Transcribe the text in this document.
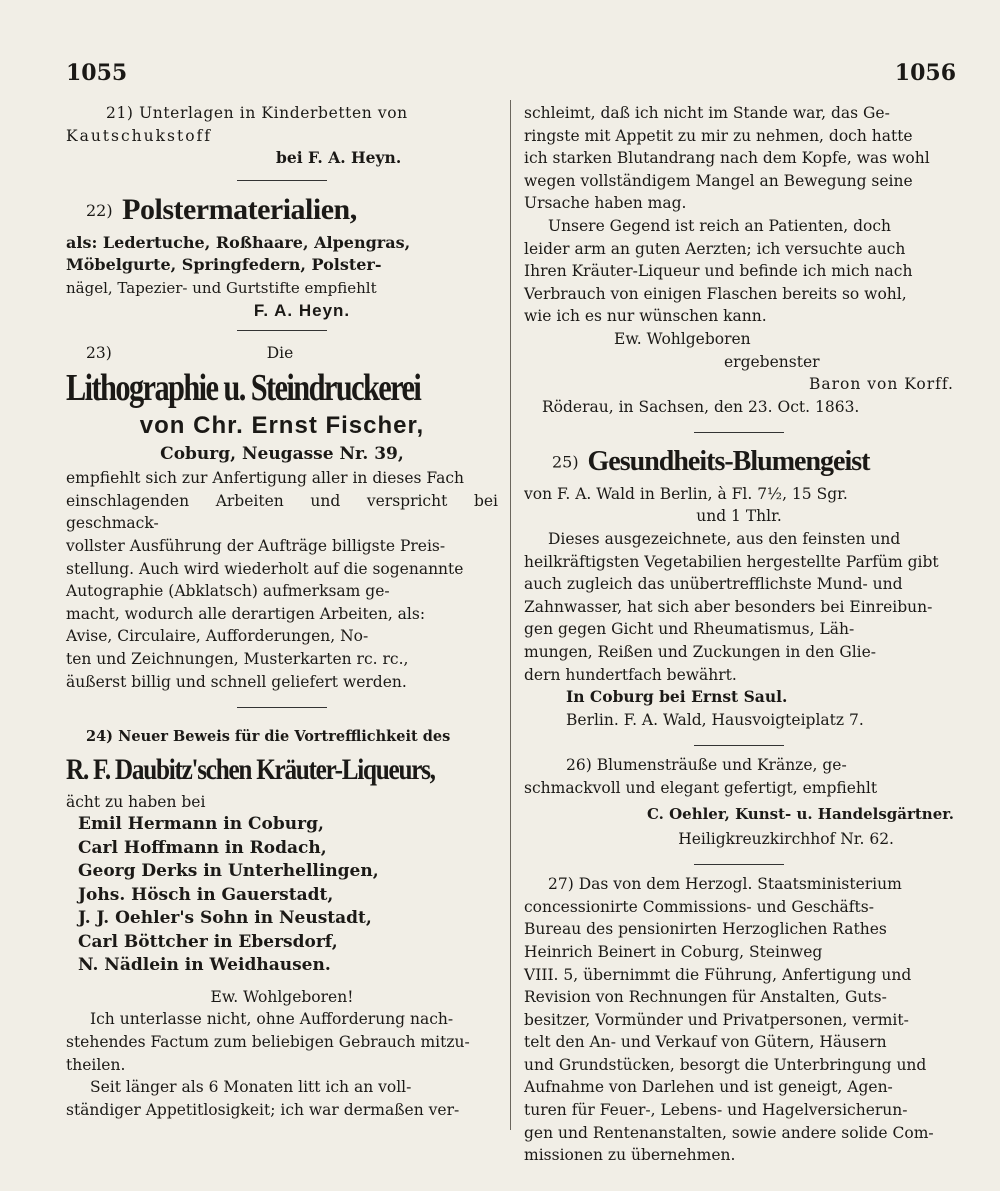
1055	1056

21) Unterlagen in Kinderbetten von

Kautschukstoff

bei F. A. Heyn.

22) Polstermaterialien,

als: Ledertuche, Roßhaare, Alpengras,

Möbelgurte, Springfedern, Polster-

nägel, Tapezier- und Gurtstifte empfiehlt

F. A. Heyn.

23)	Die

Lithographie u. Steindruckerei

von Chr. Ernst Fischer,

Coburg, Neugasse Nr. 39,

empfiehlt sich zur Anfertigung aller in dieses Fach

einschlagenden Arbeiten und verspricht bei geschmack-

vollster Ausführung der Aufträge billigste Preis-

stellung. Auch wird wiederholt auf die sogenannte

Autographie (Abklatsch) aufmerksam ge-

macht, wodurch alle derartigen Arbeiten, als:

Avise, Circulaire, Aufforderungen, No-

ten und Zeichnungen, Musterkarten rc. rc.,

äußerst billig und schnell geliefert werden.

24) Neuer Beweis für die Vortrefflichkeit des

R. F. Daubitz'schen Kräuter-Liqueurs,

ächt zu haben bei

Emil Hermann in Coburg,

Carl Hoffmann in Rodach,

Georg Derks in Unterhellingen,

Johs. Hösch in Gauerstadt,

J. J. Oehler's Sohn in Neustadt,

Carl Böttcher in Ebersdorf,

N. Nädlein in Weidhausen.

Ew. Wohlgeboren!

Ich unterlasse nicht, ohne Aufforderung nach-

stehendes Factum zum beliebigen Gebrauch mitzu-

theilen.

Seit länger als 6 Monaten litt ich an voll-

ständiger Appetitlosigkeit; ich war dermaßen ver-

schleimt, daß ich nicht im Stande war, das Ge-

ringste mit Appetit zu mir zu nehmen, doch hatte

ich starken Blutandrang nach dem Kopfe, was wohl

wegen vollständigem Mangel an Bewegung seine

Ursache haben mag.

Unsere Gegend ist reich an Patienten, doch

leider arm an guten Aerzten; ich versuchte auch

Ihren Kräuter-Liqueur und befinde ich mich nach

Verbrauch von einigen Flaschen bereits so wohl,

wie ich es nur wünschen kann.

Ew. Wohlgeboren

ergebenster

Baron von Korff.

Röderau, in Sachsen, den 23. Oct. 1863.

25) Gesundheits-Blumengeist

von F. A. Wald in Berlin, à Fl. 7½, 15 Sgr.

und 1 Thlr.

Dieses ausgezeichnete, aus den feinsten und

heilkräftigsten Vegetabilien hergestellte Parfüm gibt

auch zugleich das unübertrefflichste Mund- und

Zahnwasser, hat sich aber besonders bei Einreibun-

gen gegen Gicht und Rheumatismus, Läh-

mungen, Reißen und Zuckungen in den Glie-

dern hundertfach bewährt.

In Coburg bei Ernst Saul.

Berlin. F. A. Wald, Hausvoigteiplatz 7.

26) Blumensträuße und Kränze, ge-

schmackvoll und elegant gefertigt, empfiehlt

C. Oehler, Kunst- u. Handelsgärtner.

Heiligkreuzkirchhof Nr. 62.

27) Das von dem Herzogl. Staatsministerium

concessionirte Commissions- und Geschäfts-

Bureau des pensionirten Herzoglichen Rathes

Heinrich Beinert in Coburg, Steinweg

VIII. 5, übernimmt die Führung, Anfertigung und

Revision von Rechnungen für Anstalten, Guts-

besitzer, Vormünder und Privatpersonen, vermit-

telt den An- und Verkauf von Gütern, Häusern

und Grundstücken, besorgt die Unterbringung und

Aufnahme von Darlehen und ist geneigt, Agen-

turen für Feuer-, Lebens- und Hagelversicherun-

gen und Rentenanstalten, sowie andere solide Com-

missionen zu übernehmen.
